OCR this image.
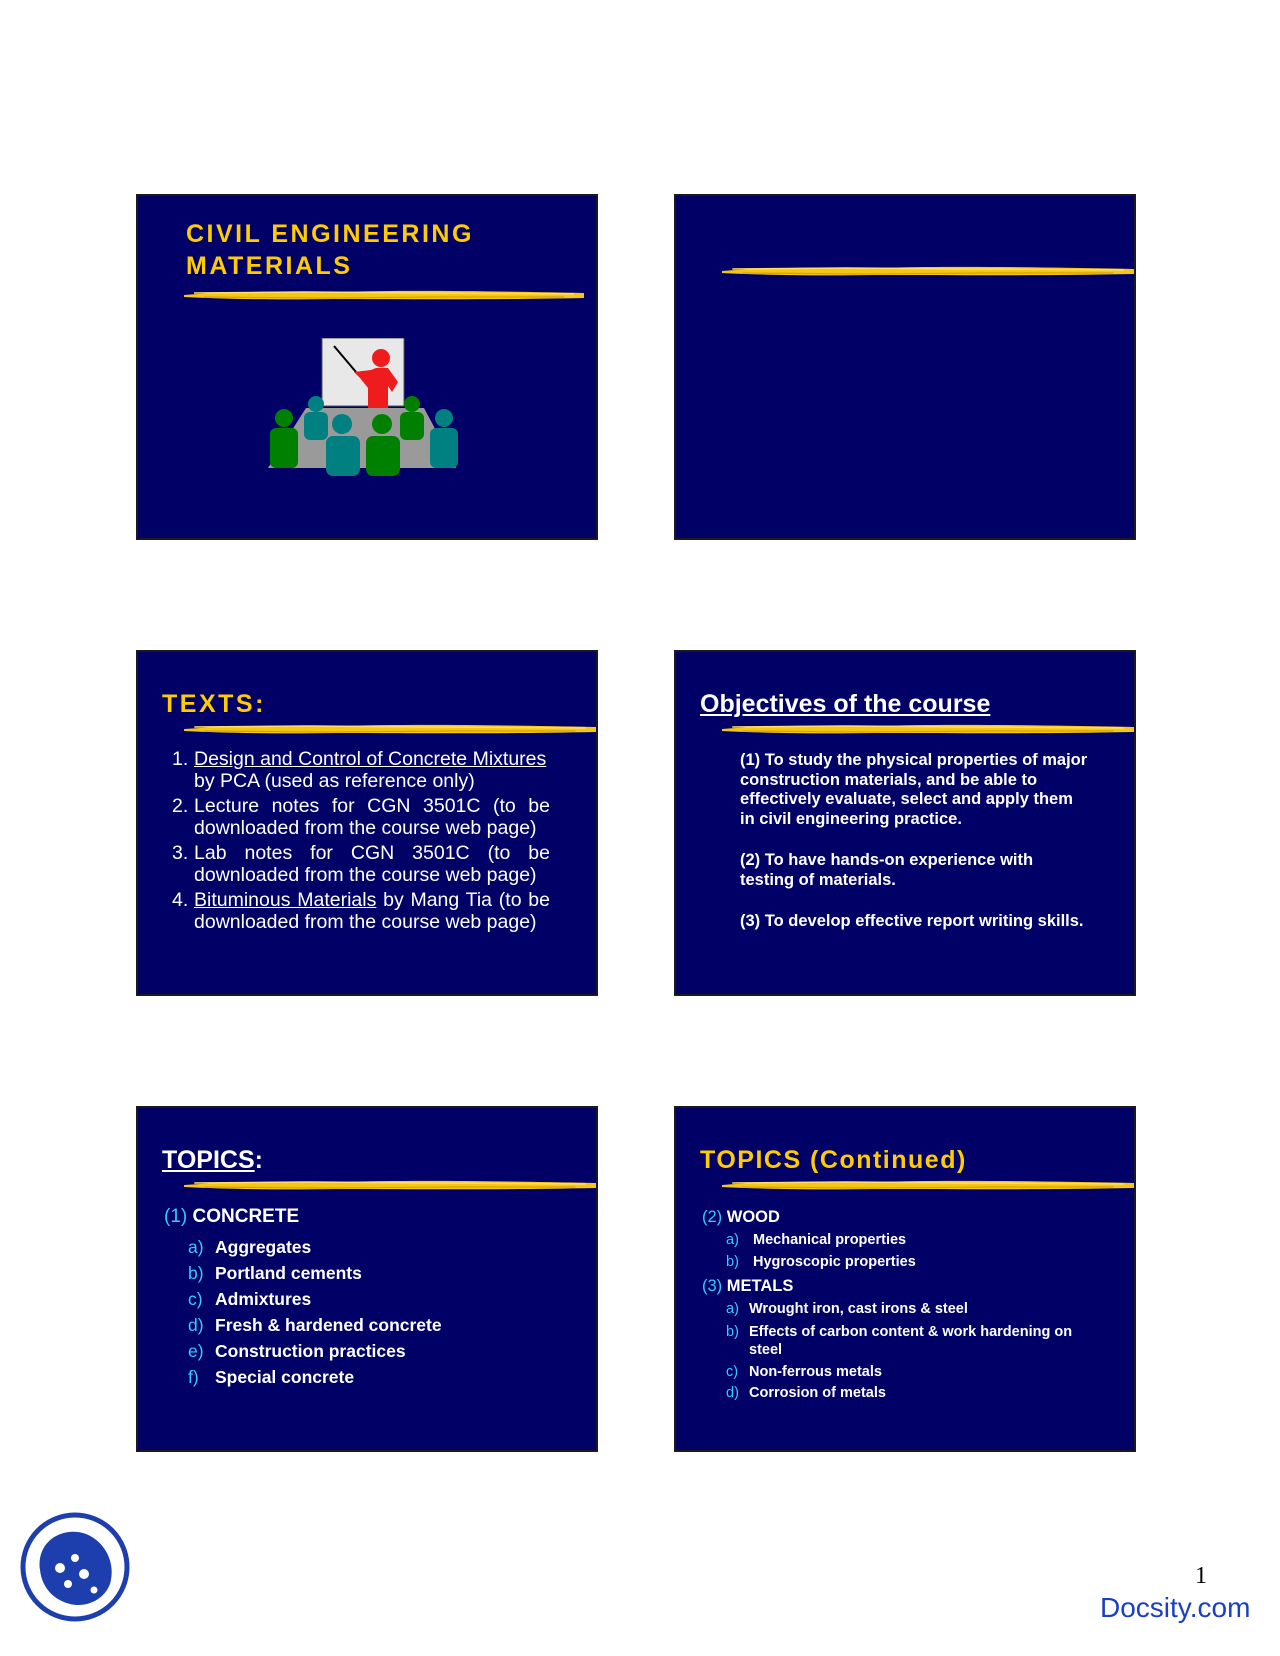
CIVIL ENGINEERING
MATERIALS
TEXTS:
1. Design and Control of Concrete Mixtures
by PCA (used as reference only)
2. Lecture notes for CGN 3501C (to be downloaded from the course web page)
3. Lab notes for CGN 3501C (to be downloaded from the course web page)
4. Bituminous Materials by Mang Tia (to be downloaded from the course web page)
Objectives of the course
(1) To study the physical properties of major construction materials, and be able to effectively evaluate, select and apply them in civil engineering practice.
(2) To have hands-on experience with testing of materials.
(3) To develop effective report writing skills.
TOPICS:
(1) CONCRETE
a) Aggregates
b) Portland cements
c) Admixtures
d) Fresh & hardened concrete
e) Construction practices
f) Special concrete
TOPICS (Continued)
(2) WOOD
a) Mechanical properties
b) Hygroscopic properties
(3) METALS
a) Wrought iron, cast irons & steel
b) Effects of carbon content & work hardening on steel
c) Non-ferrous metals
d) Corrosion of metals
1
Docsity.com
